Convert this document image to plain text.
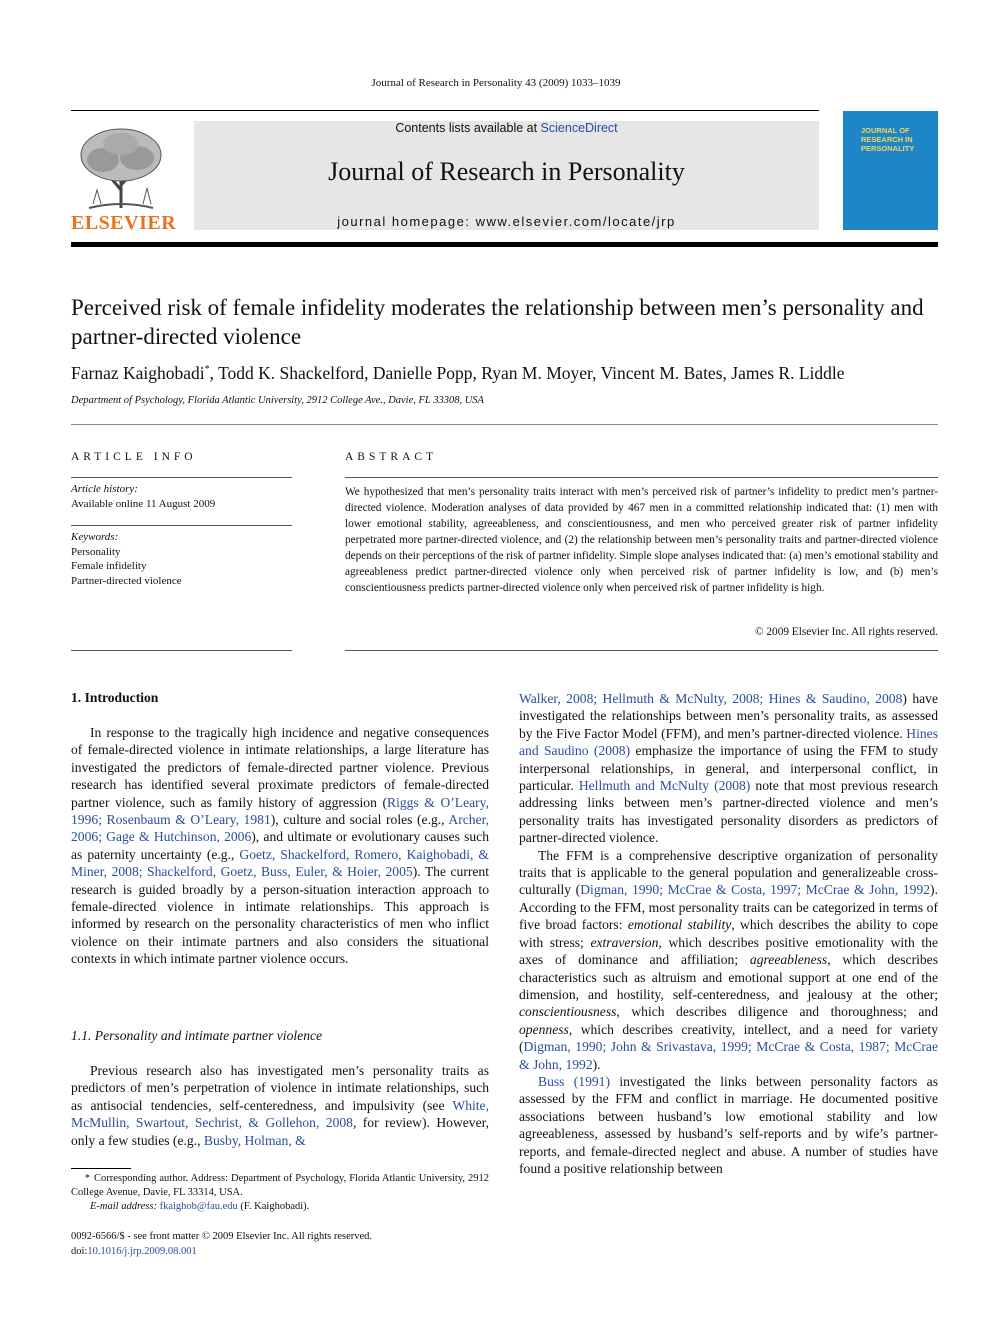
Journal of Research in Personality 43 (2009) 1033–1039
ELSEVIER
Contents lists available at ScienceDirect
Journal of Research in Personality
journal homepage: www.elsevier.com/locate/jrp
JOURNAL OF RESEARCH IN PERSONALITY
Perceived risk of female infidelity moderates the relationship between men’s personality and partner-directed violence
Farnaz Kaighobadi*, Todd K. Shackelford, Danielle Popp, Ryan M. Moyer, Vincent M. Bates, James R. Liddle
Department of Psychology, Florida Atlantic University, 2912 College Ave., Davie, FL 33308, USA
ARTICLE INFO
Article history:
Available online 11 August 2009
Keywords:
Personality
Female infidelity
Partner-directed violence
ABSTRACT
We hypothesized that men’s personality traits interact with men’s perceived risk of partner’s infidelity to predict men’s partner-directed violence. Moderation analyses of data provided by 467 men in a committed relationship indicated that: (1) men with lower emotional stability, agreeableness, and conscientiousness, and men who perceived greater risk of partner infidelity perpetrated more partner-directed violence, and (2) the relationship between men’s personality traits and partner-directed violence depends on their perceptions of the risk of partner infidelity. Simple slope analyses indicated that: (a) men’s emotional stability and agreeableness predict partner-directed violence only when perceived risk of partner infidelity is low, and (b) men’s conscientiousness predicts partner-directed violence only when perceived risk of partner infidelity is high.
© 2009 Elsevier Inc. All rights reserved.
1. Introduction

In response to the tragically high incidence and negative consequences of female-directed violence in intimate relationships, a large literature has investigated the predictors of female-directed partner violence. Previous research has identified several proximate predictors of female-directed partner violence, such as family history of aggression (Riggs & O’Leary, 1996; Rosenbaum & O’Leary, 1981), culture and social roles (e.g., Archer, 2006; Gage & Hutchinson, 2006), and ultimate or evolutionary causes such as paternity uncertainty (e.g., Goetz, Shackelford, Romero, Kaighobadi, & Miner, 2008; Shackelford, Goetz, Buss, Euler, & Hoier, 2005). The current research is guided broadly by a person-situation interaction approach to female-directed violence in intimate relationships. This approach is informed by research on the personality characteristics of men who inflict violence on their intimate partners and also considers the situational contexts in which intimate partner violence occurs.

1.1. Personality and intimate partner violence

Previous research also has investigated men’s personality traits as predictors of men’s perpetration of violence in intimate relationships, such as antisocial tendencies, self-centeredness, and impulsivity (see White, McMullin, Swartout, Sechrist, & Gollehon, 2008, for review). However, only a few studies (e.g., Busby, Holman, &

Walker, 2008; Hellmuth & McNulty, 2008; Hines & Saudino, 2008) have investigated the relationships between men’s personality traits, as assessed by the Five Factor Model (FFM), and men’s partner-directed violence. Hines and Saudino (2008) emphasize the importance of using the FFM to study interpersonal relationships, in general, and interpersonal conflict, in particular. Hellmuth and McNulty (2008) note that most previous research addressing links between men’s partner-directed violence and men’s personality traits has investigated personality disorders as predictors of partner-directed violence.

The FFM is a comprehensive descriptive organization of personality traits that is applicable to the general population and generalizeable cross-culturally (Digman, 1990; McCrae & Costa, 1997; McCrae & John, 1992). According to the FFM, most personality traits can be categorized in terms of five broad factors: emotional stability, which describes the ability to cope with stress; extraversion, which describes positive emotionality with the axes of dominance and affiliation; agreeableness, which describes characteristics such as altruism and emotional support at one end of the dimension, and hostility, self-centeredness, and jealousy at the other; conscientiousness, which describes diligence and thoroughness; and openness, which describes creativity, intellect, and a need for variety (Digman, 1990; John & Srivastava, 1999; McCrae & Costa, 1987; McCrae & John, 1992).

Buss (1991) investigated the links between personality factors as assessed by the FFM and conflict in marriage. He documented positive associations between husband’s low emotional stability and low agreeableness, assessed by husband’s self-reports and by wife’s partner-reports, and female-directed neglect and abuse. A number of studies have found a positive relationship between

* Corresponding author. Address: Department of Psychology, Florida Atlantic University, 2912 College Avenue, Davie, FL 33314, USA.

E-mail address: fkaighob@fau.edu (F. Kaighobadi).

0092-6566/$ - see front matter © 2009 Elsevier Inc. All rights reserved.
doi:10.1016/j.jrp.2009.08.001
